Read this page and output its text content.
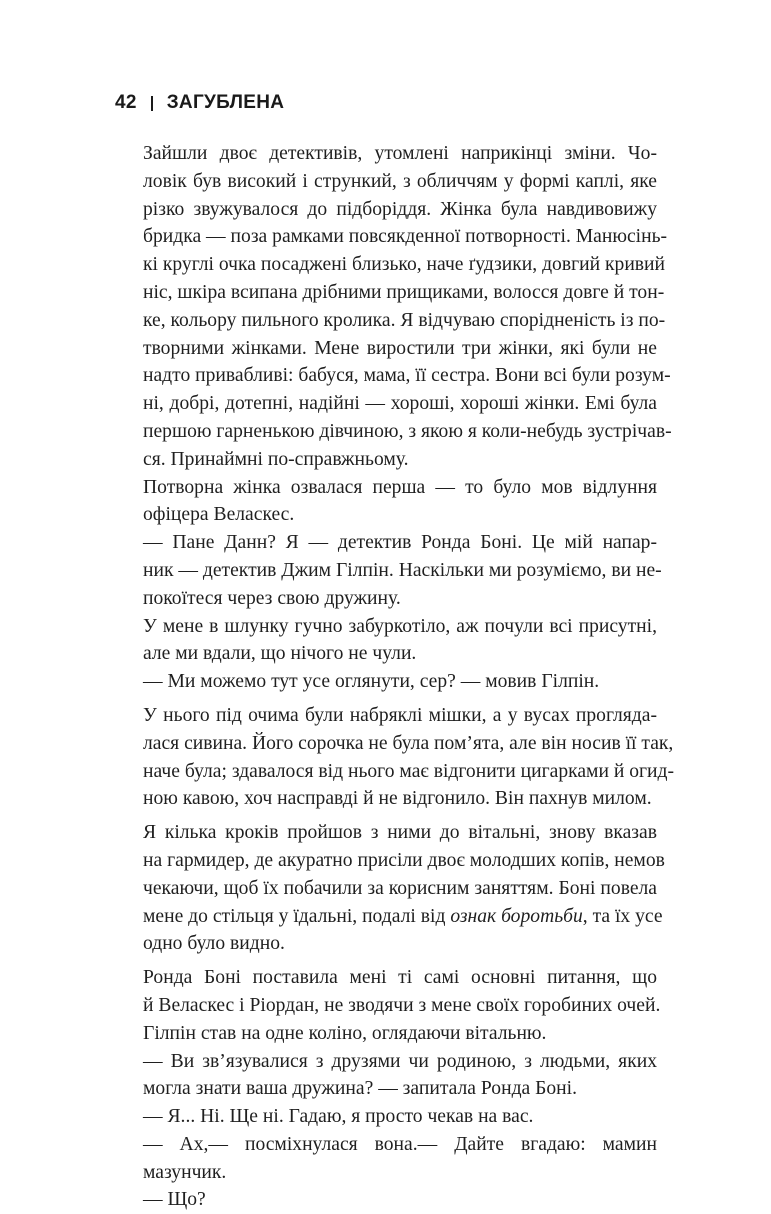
42 ЗАГУБЛЕНА
Зайшли двоє детективів, утомлені наприкінці зміни. Чо-
ловік був високий і стрункий, з обличчям у формі каплі, яке
різко звужувалося до підборіддя. Жінка була навдивовижу
бридка — поза рамками повсякденної потворності. Манюсінь-
кі круглі очка посаджені близько, наче ґудзики, довгий кривий
ніс, шкіра всипана дрібними прищиками, волосся довге й тон-
ке, кольору пильного кролика. Я відчуваю спорідненість із по-
творними жінками. Мене виростили три жінки, які були не
надто привабливі: бабуся, мама, її сестра. Вони всі були розум-
ні, добрі, дотепні, надійні — хороші, хороші жінки. Емі була
першою гарненькою дівчиною, з якою я коли-небудь зустрічав-
ся. Принаймні по-справжньому.
Потворна жінка озвалася перша — то було мов відлуння
офіцера Веласкес.
— Пане Данн? Я — детектив Ронда Боні. Це мій напар-
ник — детектив Джим Гілпін. Наскільки ми розуміємо, ви не-
покоїтеся через свою дружину.
У мене в шлунку гучно забуркотіло, аж почули всі присутні,
але ми вдали, що нічого не чули.
— Ми можемо тут усе оглянути, сер? — мовив Гілпін.
У нього під очима були набряклі мішки, а у вусах прогляда-
лася сивина. Його сорочка не була пом’ята, але він носив її так,
наче була; здавалося від нього має відгонити цигарками й огид-
ною кавою, хоч насправді й не відгонило. Він пахнув милом.
Я кілька кроків пройшов з ними до вітальні, знову вказав
на гармидер, де акуратно присіли двоє молодших копів, немов
чекаючи, щоб їх побачили за корисним заняттям. Боні повела
мене до стільця у їдальні, подалі від ознак боротьби, та їх усе
одно було видно.
Ронда Боні поставила мені ті самі основні питання, що
й Веласкес і Ріордан, не зводячи з мене своїх горобиних очей.
Гілпін став на одне коліно, оглядаючи вітальню.
— Ви зв’язувалися з друзями чи родиною, з людьми, яких
могла знати ваша дружина? — запитала Ронда Боні.
— Я... Ні. Ще ні. Гадаю, я просто чекав на вас.
— Ах,— посміхнулася вона.— Дайте вгадаю: мамин
мазунчик.
— Що?
